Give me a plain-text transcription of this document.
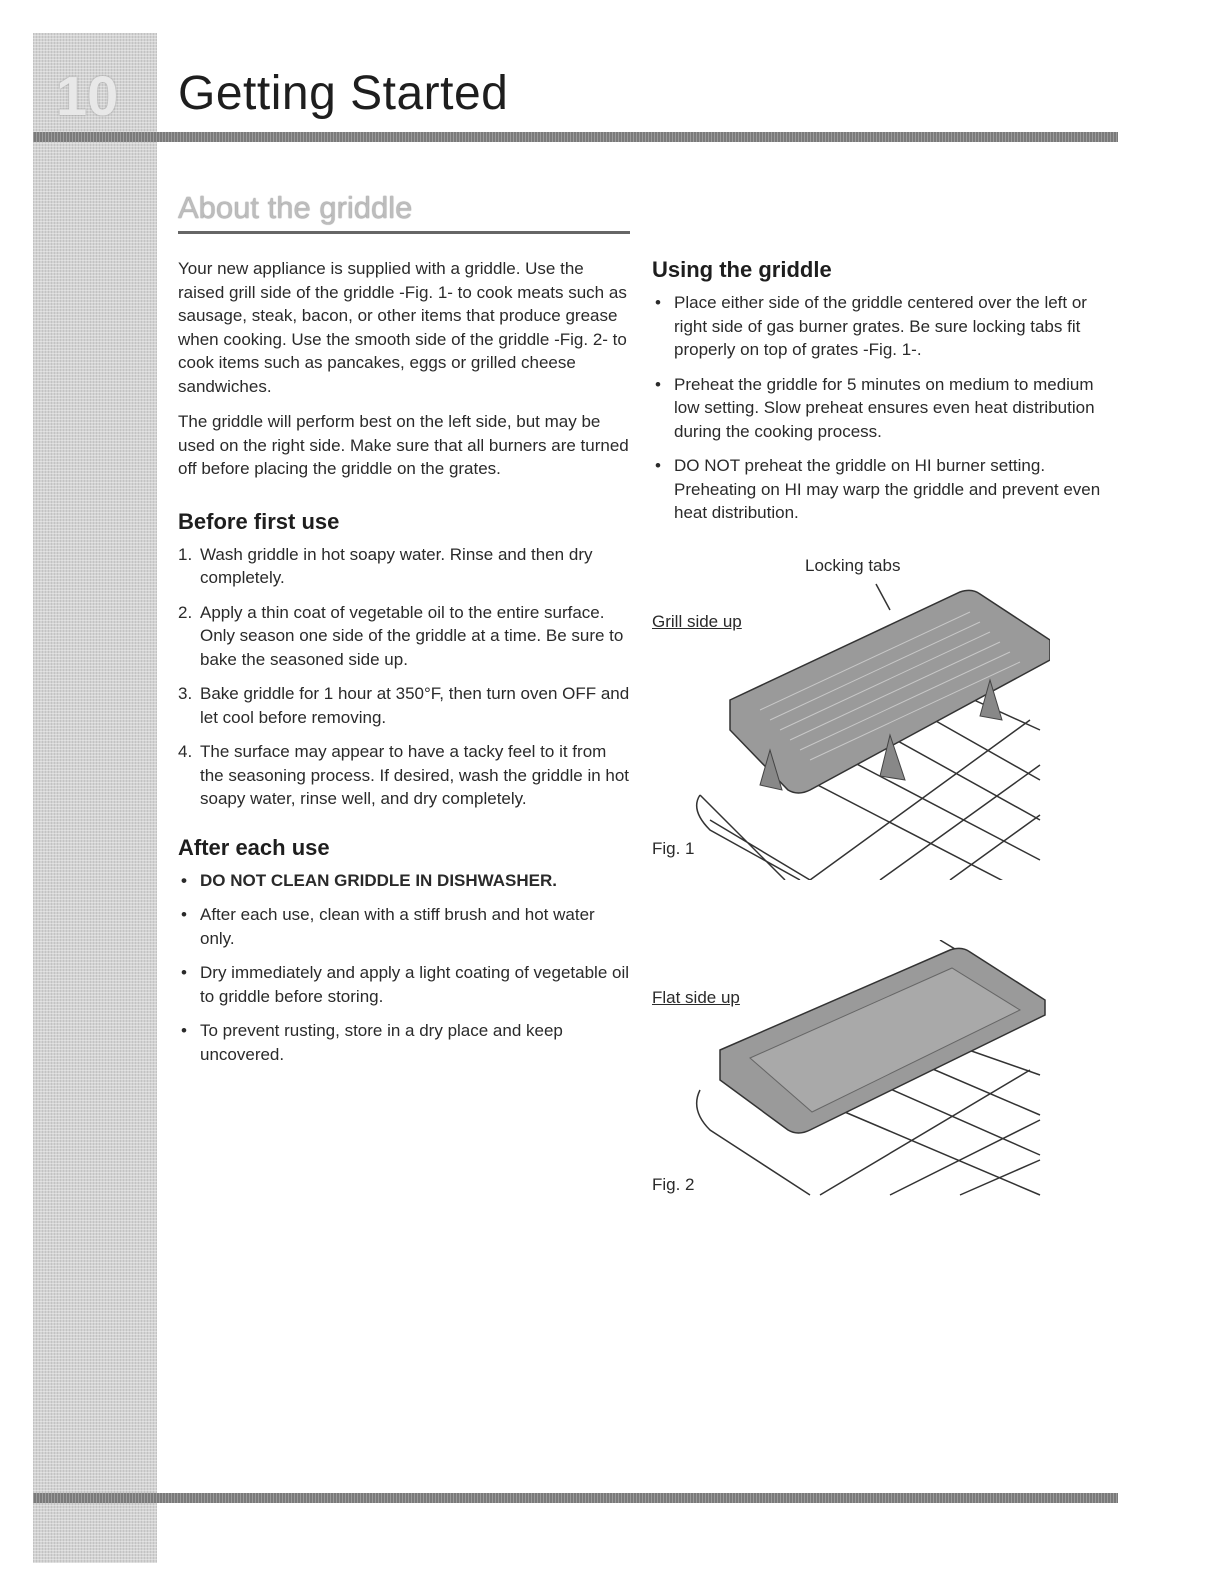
10	Getting Started
About the griddle

Your new appliance is supplied with a griddle. Use the raised grill side of the griddle -Fig. 1- to cook meats such as sausage, steak, bacon, or other items that produce grease when cooking. Use the smooth side of the griddle -Fig. 2- to cook items such as pancakes, eggs or grilled cheese sandwiches.

The griddle will perform best on the left side, but may be used on the right side. Make sure that all burners are turned off before placing the griddle on the grates.

Before first use
1. Wash griddle in hot soapy water. Rinse and then dry completely.
2. Apply a thin coat of vegetable oil to the entire surface. Only season one side of the griddle at a time. Be sure to bake the seasoned side up.
3. Bake griddle for 1 hour at 350°F, then turn oven OFF and let cool before removing.
4. The surface may appear to have a tacky feel to it from the seasoning process. If desired, wash the griddle in hot soapy water, rinse well, and dry completely.
After each use
• DO NOT CLEAN GRIDDLE IN DISHWASHER.
• After each use, clean with a stiff brush and hot water only.
• Dry immediately and apply a light coating of vegetable oil to griddle before storing.
• To prevent rusting, store in a dry place and keep uncovered.
Using the griddle
• Place either side of the griddle centered over the left or right side of gas burner grates. Be sure locking tabs fit properly on top of grates -Fig. 1-.
• Preheat the griddle for 5 minutes on medium to medium low setting. Slow preheat ensures even heat distribution during the cooking process.
• DO NOT preheat the griddle on HI burner setting. Preheating on HI may warp the griddle and prevent even heat distribution.
Locking tabs
Grill side up
Fig. 1
Flat side up
Fig. 2
